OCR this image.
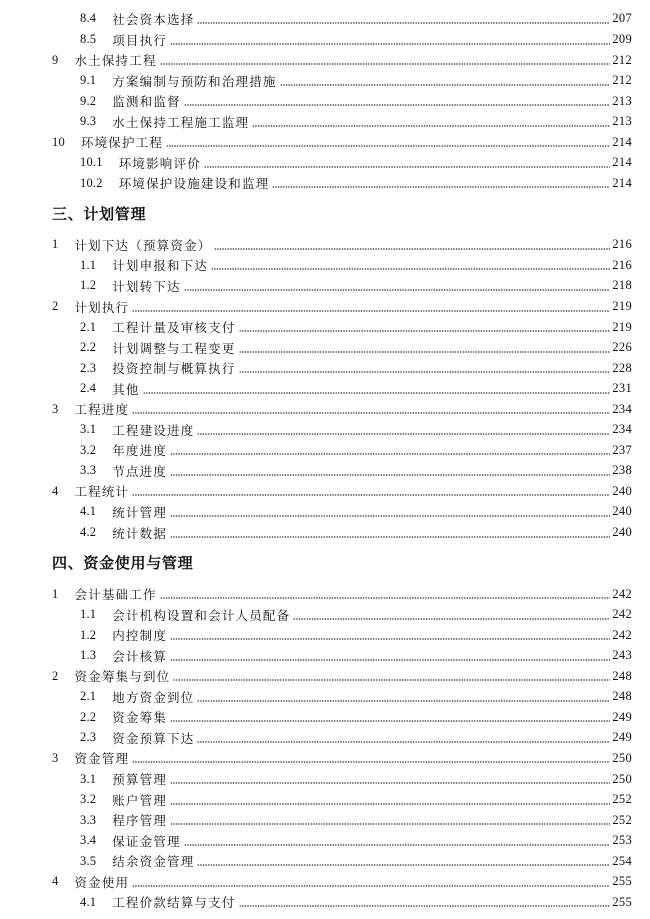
8.4 社会资本选择	207
8.5 项目执行	209
9 水土保持工程	212
9.1 方案编制与预防和治理措施	212
9.2 监测和监督	213
9.3 水土保持工程施工监理	213
10 环境保护工程	214
10.1 环境影响评价	214
10.2 环境保护设施建设和监理	214
三、计划管理
1 计划下达（预算资金）	216
1.1 计划申报和下达	216
1.2 计划转下达	218
2 计划执行	219
2.1 工程计量及审核支付	219
2.2 计划调整与工程变更	226
2.3 投资控制与概算执行	228
2.4 其他	231
3 工程进度	234
3.1 工程建设进度	234
3.2 年度进度	237
3.3 节点进度	238
4 工程统计	240
4.1 统计管理	240
4.2 统计数据	240
四、资金使用与管理
1 会计基础工作	242
1.1 会计机构设置和会计人员配备	242
1.2 内控制度	242
1.3 会计核算	243
2 资金筹集与到位	248
2.1 地方资金到位	248
2.2 资金筹集	249
2.3 资金预算下达	249
3 资金管理	250
3.1 预算管理	250
3.2 账户管理	252
3.3 程序管理	252
3.4 保证金管理	253
3.5 结余资金管理	254
4 资金使用	255
4.1 工程价款结算与支付	255
